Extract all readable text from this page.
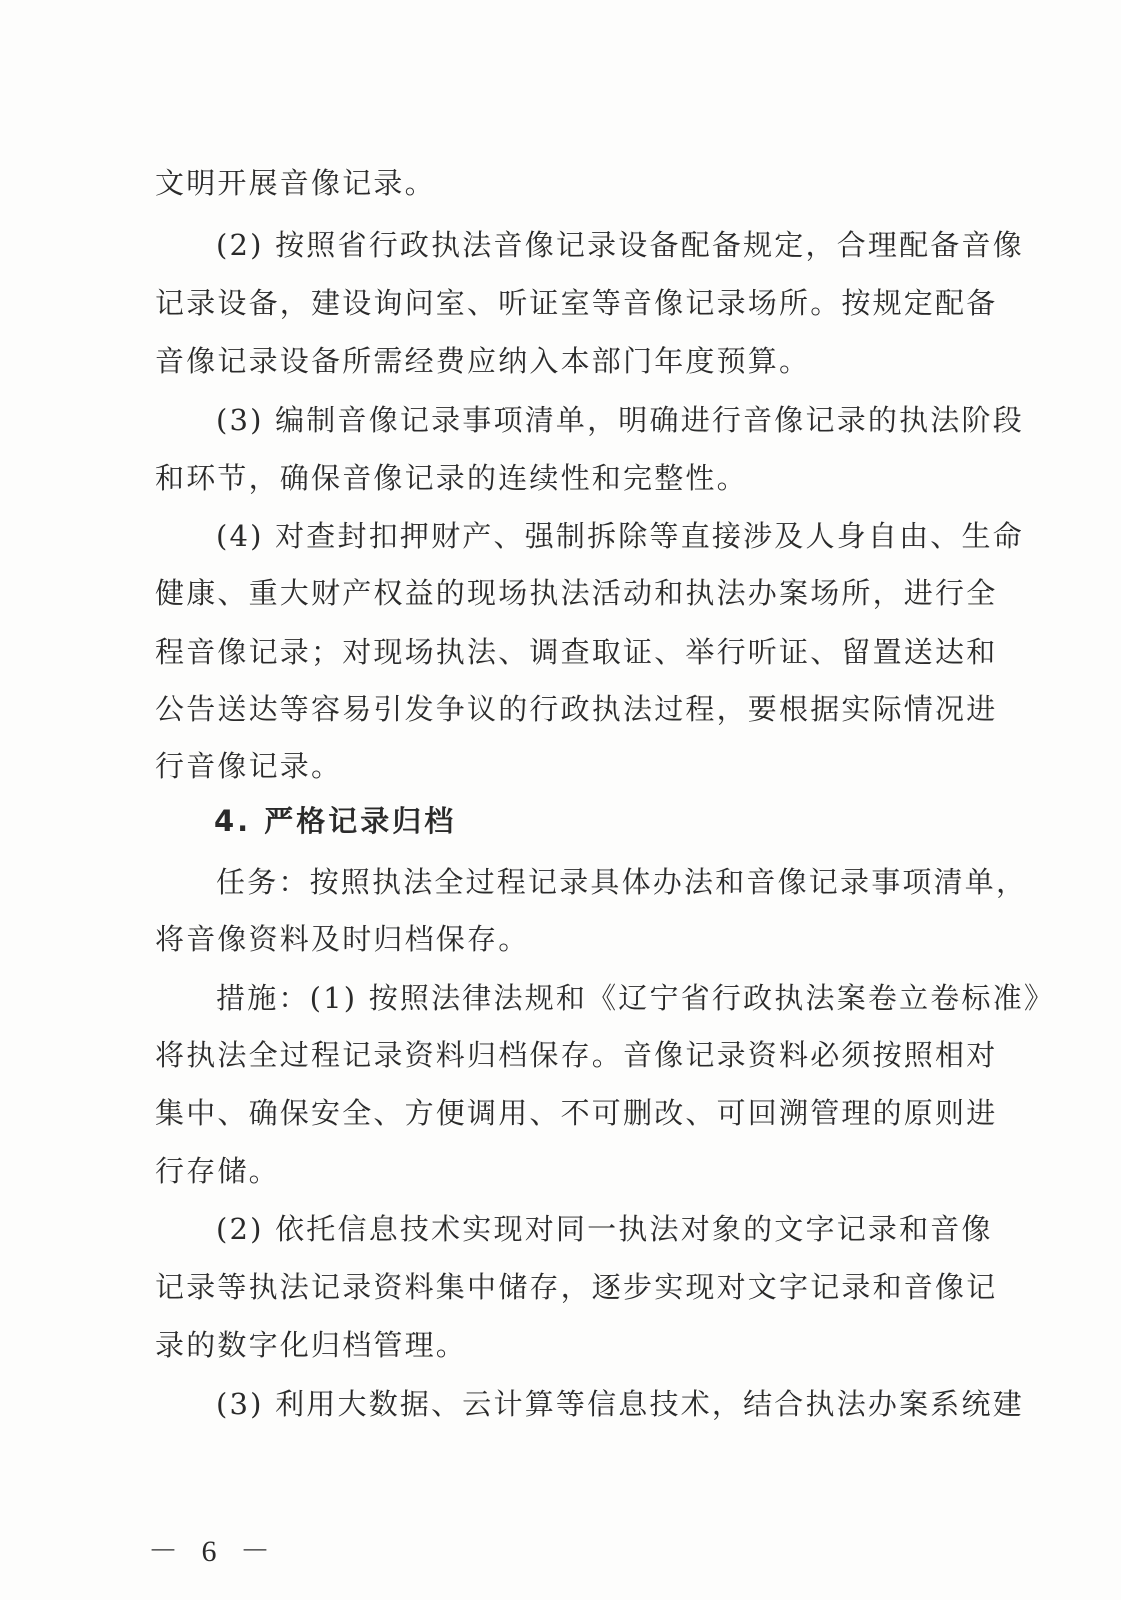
文明开展音像记录。
(2) 按照省行政执法音像记录设备配备规定，合理配备音像
记录设备，建设询问室、听证室等音像记录场所。按规定配备
音像记录设备所需经费应纳入本部门年度预算。
(3) 编制音像记录事项清单，明确进行音像记录的执法阶段
和环节，确保音像记录的连续性和完整性。
(4) 对查封扣押财产、强制拆除等直接涉及人身自由、生命
健康、重大财产权益的现场执法活动和执法办案场所，进行全
程音像记录；对现场执法、调查取证、举行听证、留置送达和
公告送达等容易引发争议的行政执法过程，要根据实际情况进
行音像记录。
4. 严格记录归档
任务：按照执法全过程记录具体办法和音像记录事项清单，
将音像资料及时归档保存。
措施：(1) 按照法律法规和《辽宁省行政执法案卷立卷标准》
将执法全过程记录资料归档保存。音像记录资料必须按照相对
集中、确保安全、方便调用、不可删改、可回溯管理的原则进
行存储。
(2) 依托信息技术实现对同一执法对象的文字记录和音像
记录等执法记录资料集中储存，逐步实现对文字记录和音像记
录的数字化归档管理。
(3) 利用大数据、云计算等信息技术，结合执法办案系统建
－ 6 －
